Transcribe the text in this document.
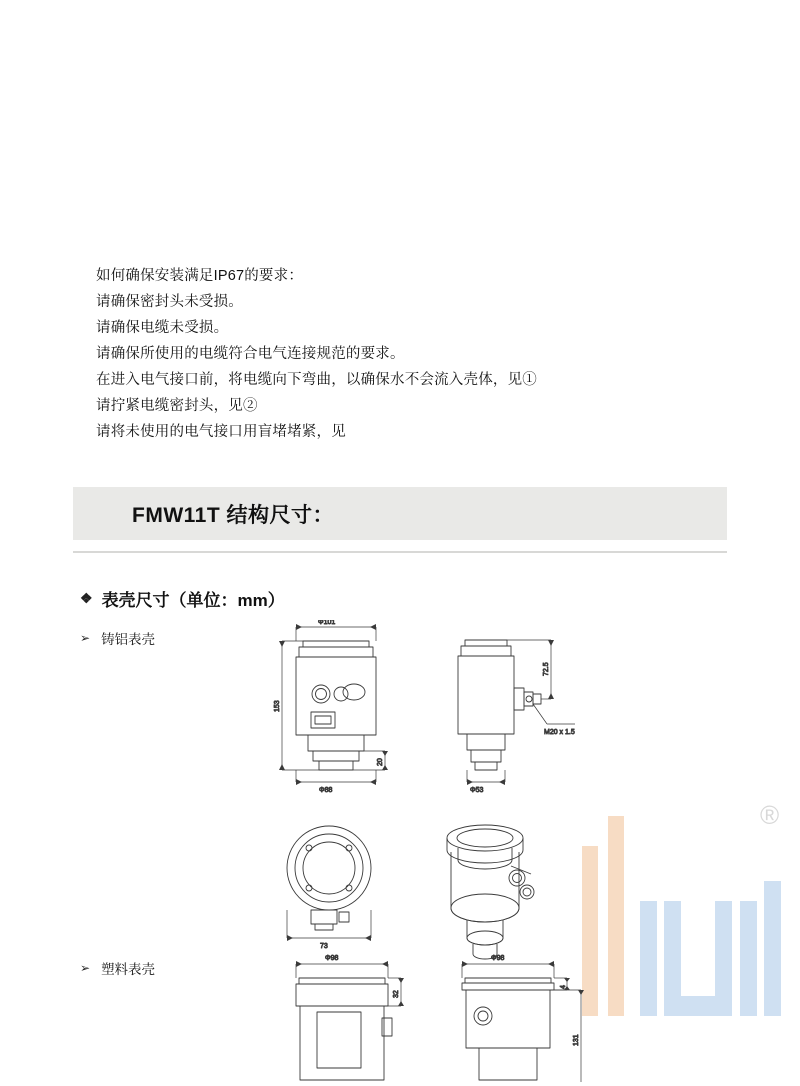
如何确保安装满足IP67的要求：

请确保密封头未受损。

请确保电缆未受损。

请确保所使用的电缆符合电气连接规范的要求。

在进入电气接口前，将电缆向下弯曲，以确保水不会流入壳体，见①

请拧紧电缆密封头，见②

请将未使用的电气接口用盲堵堵紧，见

FMW11T 结构尺寸：
❖ 表壳尺寸（单位：mm）
➢ 铸铝表壳
➢ 塑料表壳
®
Φ101
153
20
Φ88
72.5
M20 x 1.5
Φ53
73
Φ98
32
Φ98
4
131
